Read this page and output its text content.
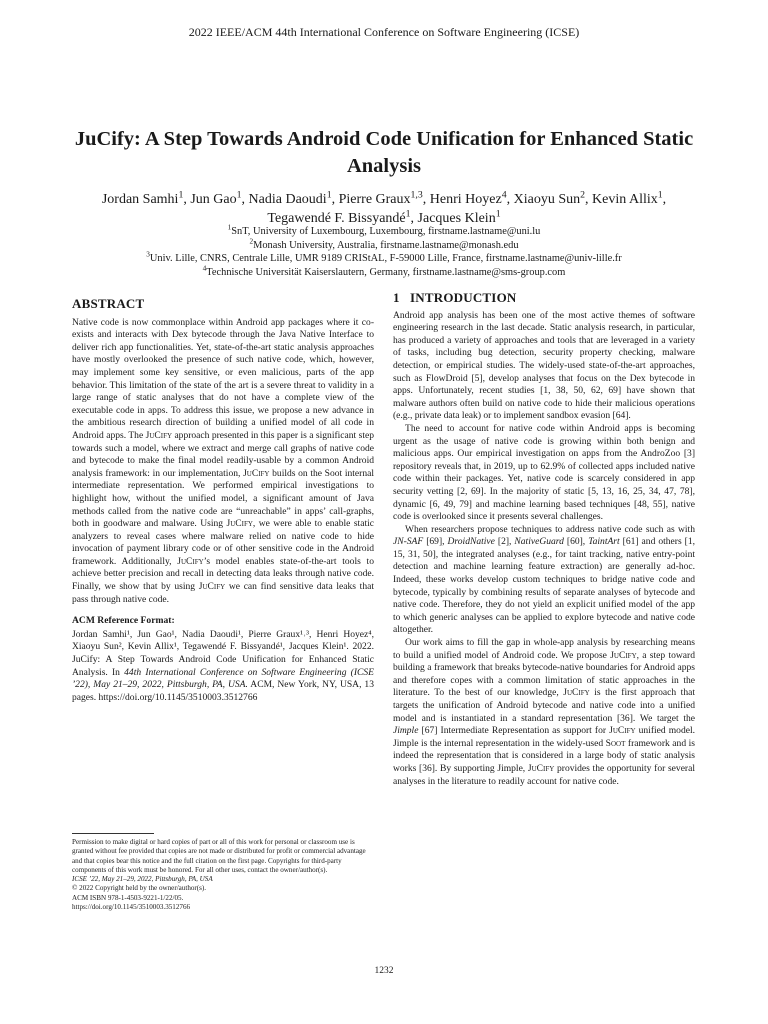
2022 IEEE/ACM 44th International Conference on Software Engineering (ICSE)
JuCify: A Step Towards Android Code Unification for Enhanced Static Analysis
Jordan Samhi$^1$, Jun Gao$^1$, Nadia Daoudi$^1$, Pierre Graux$^{1,3}$, Henri Hoyez$^4$, Xiaoyu Sun$^2$, Kevin Allix$^1$,
Tegawendé F. Bissyandé$^1$, Jacques Klein$^1$
$^1$SnT, University of Luxembourg, Luxembourg, firstname.lastname@uni.lu
$^2$Monash University, Australia, firstname.lastname@monash.edu
$^3$Univ. Lille, CNRS, Centrale Lille, UMR 9189 CRIStAL, F-59000 Lille, France, firstname.lastname@univ-lille.fr
$^4$Technische Universität Kaiserslautern, Germany, firstname.lastname@sms-group.com
ABSTRACT

Native code is now commonplace within Android app packages where it co-exists and interacts with Dex bytecode through the Java Native Interface to deliver rich app functionalities. Yet, state-of-the-art static analysis approaches have mostly overlooked the presence of such native code, which, however, may implement some key sensitive, or even malicious, parts of the app behavior. This limitation of the state of the art is a severe threat to validity in a large range of static analyses that do not have a complete view of the executable code in apps. To address this issue, we propose a new advance in the ambitious research direction of building a unified model of all code in Android apps. The JuCify approach presented in this paper is a significant step towards such a model, where we extract and merge call graphs of native code and bytecode to make the final model readily-usable by a common Android analysis framework: in our implementation, JuCify builds on the Soot internal intermediate representation. We performed empirical investigations to highlight how, without the unified model, a significant amount of Java methods called from the native code are “unreachable” in apps’ call-graphs, both in goodware and malware. Using JuCify, we were able to enable static analyzers to reveal cases where malware relied on native code to hide invocation of payment library code or of other sensitive code in the Android framework. Additionally, JuCify’s model enables state-of-the-art tools to achieve better precision and recall in detecting data leaks through native code. Finally, we show that by using JuCify we can find sensitive data leaks that pass through native code.

ACM Reference Format:

Jordan Samhi¹, Jun Gao¹, Nadia Daoudi¹, Pierre Graux¹˒³, Henri Hoyez⁴, Xiaoyu Sun², Kevin Allix¹, Tegawendé F. Bissyandé¹, Jacques Klein¹. 2022. JuCify: A Step Towards Android Code Unification for Enhanced Static Analysis. In 44th International Conference on Software Engineering (ICSE ’22), May 21–29, 2022, Pittsburgh, PA, USA. ACM, New York, NY, USA, 13 pages. https://doi.org/10.1145/3510003.3512766

Permission to make digital or hard copies of part or all of this work for personal or classroom use is granted without fee provided that copies are not made or distributed for profit or commercial advantage and that copies bear this notice and the full citation on the first page. Copyrights for third-party components of this work must be honored. For all other uses, contact the owner/author(s).

ICSE ’22, May 21–29, 2022, Pittsburgh, PA, USA

© 2022 Copyright held by the owner/author(s).

ACM ISBN 978-1-4503-9221-1/22/05.

https://doi.org/10.1145/3510003.3512766

1   INTRODUCTION

Android app analysis has been one of the most active themes of software engineering research in the last decade. Static analysis research, in particular, has produced a variety of approaches and tools that are leveraged in a variety of tasks, including bug detection, security property checking, malware detection, or empirical studies. The widely-used state-of-the-art approaches, such as FlowDroid [5], develop analyses that focus on the Dex bytecode in apps. Unfortunately, recent studies [1, 38, 50, 62, 69] have shown that malware authors often build on native code to hide their malicious operations (e.g., private data leak) or to implement sandbox evasion [64].

The need to account for native code within Android apps is becoming urgent as the usage of native code is growing within both benign and malicious apps. Our empirical investigation on apps from the AndroZoo [3] repository reveals that, in 2019, up to 62.9% of collected apps included native code within their packages. Yet, native code is scarcely considered in app security vetting [2, 69]. In the majority of static [5, 13, 16, 25, 34, 47, 78], dynamic [6, 49, 79] and machine learning based techniques [48, 55], native code is overlooked since it presents several challenges.

When researchers propose techniques to address native code such as with JN-SAF [69], DroidNative [2], NativeGuard [60], TaintArt [61] and others [1, 15, 31, 50], the integrated analyses (e.g., for taint tracking, native entry-point detection and machine learning feature extraction) are generally ad-hoc. Indeed, these works develop custom techniques to bridge native code and bytecode, typically by combining results of separate analyses of bytecode and native code. Therefore, they do not yield an explicit unified model of the app to which generic analyses can be applied to explore bytecode and native code altogether.

Our work aims to fill the gap in whole-app analysis by researching means to build a unified model of Android code. We propose JuCify, a step toward building a framework that breaks bytecode-native boundaries for Android apps and therefore copes with a common limitation of static approaches in the literature. To the best of our knowledge, JuCify is the first approach that targets the unification of Android bytecode and native code into a unified model and is instantiated in a standard representation [36]. We target the Jimple [67] Intermediate Representation as support for JuCify unified model. Jimple is the internal representation in the widely-used Soot framework and is indeed the representation that is considered in a large body of static analysis works [36]. By supporting Jimple, JuCify provides the opportunity for several analyses in the literature to readily account for native code.

1232
